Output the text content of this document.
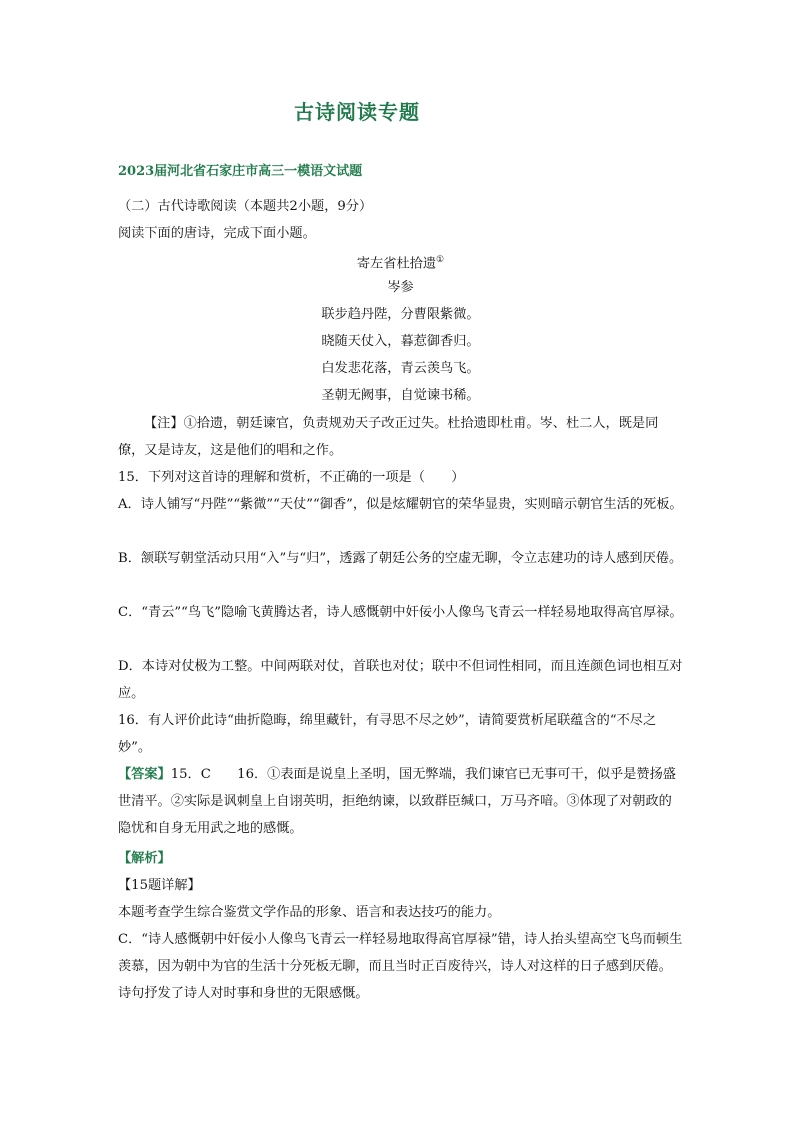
古诗阅读专题
2023届河北省石家庄市高三一模语文试题
（二）古代诗歌阅读（本题共2小题，9分）
阅读下面的唐诗，完成下面小题。
寄左省杜拾遗①
岑参
联步趋丹陛，分曹限紫微。
晓随天仗入，暮惹御香归。
白发悲花落，青云羡鸟飞。
圣朝无阙事，自觉谏书稀。
【注】①拾遗，朝廷谏官，负责规劝天子改正过失。杜拾遗即杜甫。岑、杜二人，既是同僚，又是诗友，这是他们的唱和之作。
15．下列对这首诗的理解和赏析，不正确的一项是（　　）
A．诗人铺写“丹陛”“紫微”“天仗”“御香”，似是炫耀朝官的荣华显贵，实则暗示朝官生活的死板。
B．颔联写朝堂活动只用“入”与“归”，透露了朝廷公务的空虚无聊，令立志建功的诗人感到厌倦。
C．“青云”“鸟飞”隐喻飞黄腾达者，诗人感慨朝中奸佞小人像鸟飞青云一样轻易地取得高官厚禄。
D．本诗对仗极为工整。中间两联对仗，首联也对仗；联中不但词性相同，而且连颜色词也相互对应。
16．有人评价此诗“曲折隐晦，绵里藏针，有寻思不尽之妙”，请简要赏析尾联蕴含的“不尽之妙”。
【答案】15．C　　16．①表面是说皇上圣明，国无弊端，我们谏官已无事可干，似乎是赞扬盛世清平。②实际是讽刺皇上自诩英明，拒绝纳谏，以致群臣缄口，万马齐喑。③体现了对朝政的隐忧和自身无用武之地的感慨。
【解析】
【15题详解】
本题考查学生综合鉴赏文学作品的形象、语言和表达技巧的能力。
C．“诗人感慨朝中奸佞小人像鸟飞青云一样轻易地取得高官厚禄”错，诗人抬头望高空飞鸟而顿生羡慕，因为朝中为官的生活十分死板无聊，而且当时正百废待兴，诗人对这样的日子感到厌倦。诗句抒发了诗人对时事和身世的无限感慨。
